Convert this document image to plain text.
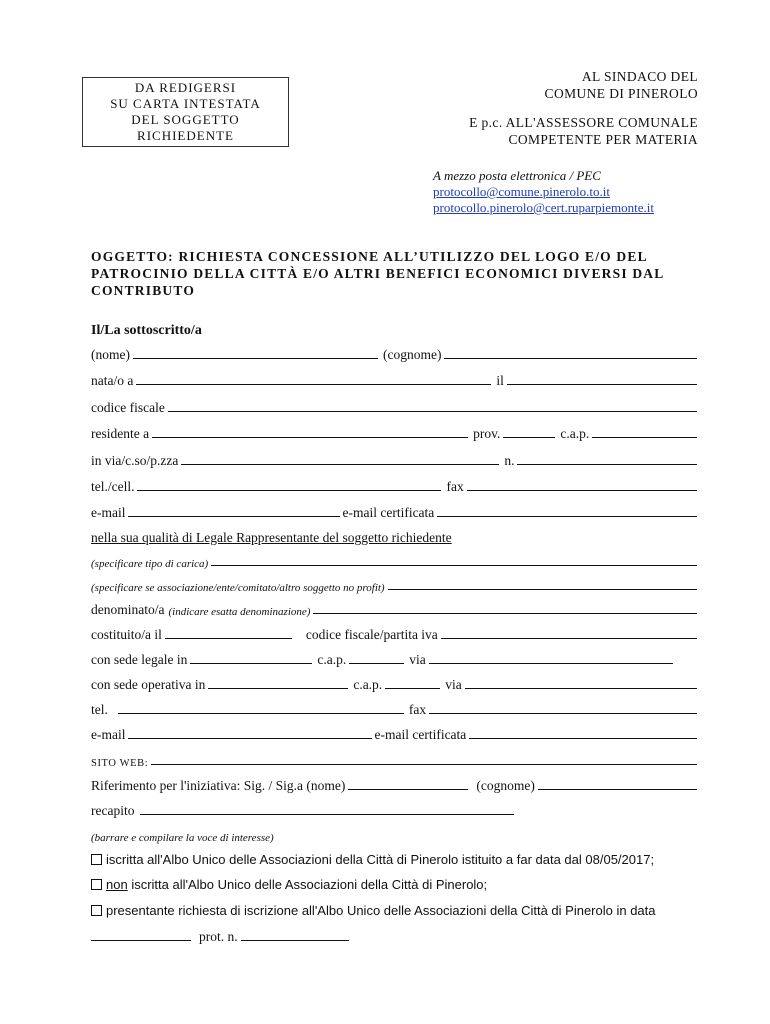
DA REDIGERSI
SU CARTA INTESTATA
DEL SOGGETTO
RICHIEDENTE
AL SINDACO DEL
COMUNE DI PINEROLO
E p.c. ALL'ASSESSORE COMUNALE
COMPETENTE PER MATERIA
A mezzo posta elettronica / PEC
protocollo@comune.pinerolo.to.it
protocollo.pinerolo@cert.ruparpiemonte.it
OGGETTO: RICHIESTA CONCESSIONE ALL’UTILIZZO DEL LOGO E/O DEL
PATROCINIO DELLA CITTÀ E/O ALTRI BENEFICI ECONOMICI DIVERSI DAL
CONTRIBUTO
Il/La sottoscritto/a
(nome)	(cognome)
nata/o a	il
codice fiscale
residente a	prov.	c.a.p.
in via/c.so/p.zza	n.
tel./cell.	fax
e-mail	e-mail certificata
nella sua qualità di Legale Rappresentante del soggetto richiedente
(specificare tipo di carica)
(specificare se associazione/ente/comitato/altro soggetto no profit)
denominato/a (indicare esatta denominazione)
costituito/a il	codice fiscale/partita iva
con sede legale in	c.a.p.	via
con sede operativa in	c.a.p.	via
tel.	fax
e-mail	e-mail certificata
SITO WEB:
Riferimento per l'iniziativa: Sig. / Sig.a (nome)	(cognome)
recapito
(barrare e compilare la voce di interesse)
iscritta all'Albo Unico delle Associazioni della Città di Pinerolo istituito a far data dal 08/05/2017;
non iscritta all'Albo Unico delle Associazioni della Città di Pinerolo;
presentante richiesta di iscrizione all'Albo Unico delle Associazioni della Città di Pinerolo in data
prot. n.
